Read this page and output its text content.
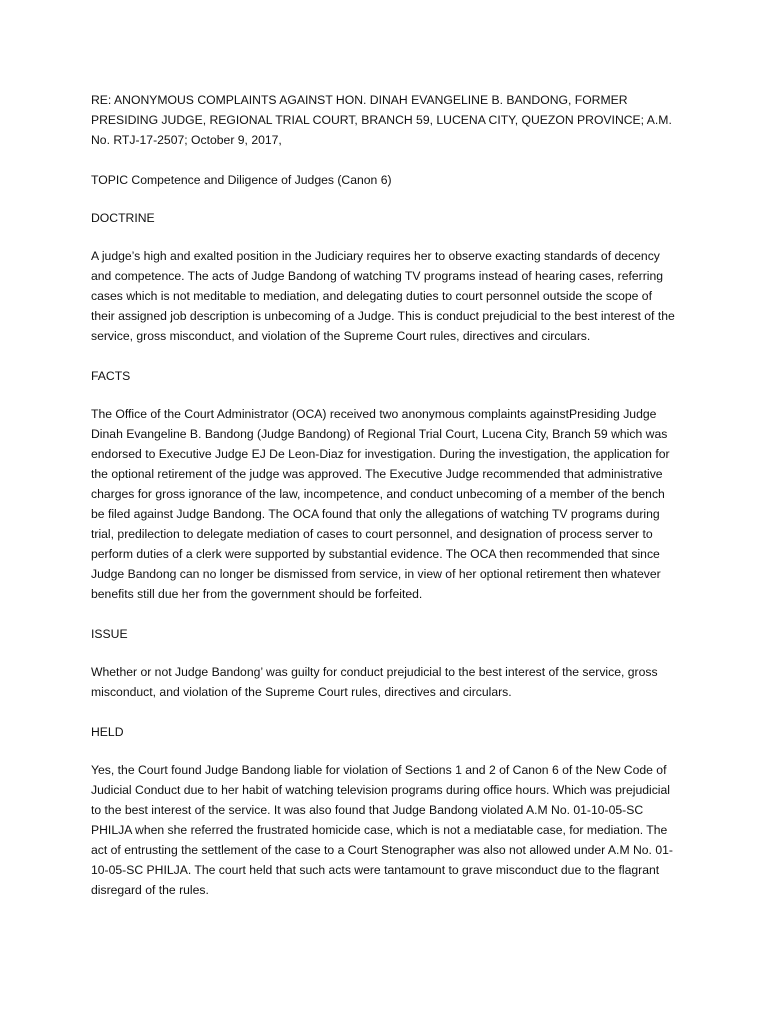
RE: ANONYMOUS COMPLAINTS AGAINST HON. DINAH EVANGELINE B. BANDONG, FORMER PRESIDING JUDGE, REGIONAL TRIAL COURT, BRANCH 59, LUCENA CITY, QUEZON PROVINCE; A.M. No. RTJ-17-2507; October 9, 2017,

TOPIC Competence and Diligence of Judges (Canon 6)

DOCTRINE

A judge’s high and exalted position in the Judiciary requires her to observe exacting standards of decency and competence. The acts of Judge Bandong of watching TV programs instead of hearing cases, referring cases which is not meditable to mediation, and delegating duties to court personnel outside the scope of their assigned job description is unbecoming of a Judge. This is conduct prejudicial to the best interest of the service, gross misconduct, and violation of the Supreme Court rules, directives and circulars.

FACTS

The Office of the Court Administrator (OCA) received two anonymous complaints againstPresiding Judge Dinah Evangeline B. Bandong (Judge Bandong) of Regional Trial Court, Lucena City, Branch 59 which was endorsed to Executive Judge EJ De Leon-Diaz for investigation. During the investigation, the application for the optional retirement of the judge was approved. The Executive Judge recommended that administrative charges for gross ignorance of the law, incompetence, and conduct unbecoming of a member of the bench be filed against Judge Bandong. The OCA found that only the allegations of watching TV programs during trial, predilection to delegate mediation of cases to court personnel, and designation of process server to perform duties of a clerk were supported by substantial evidence. The OCA then recommended that since Judge Bandong can no longer be dismissed from service, in view of her optional retirement then whatever benefits still due her from the government should be forfeited.

ISSUE

Whether or not Judge Bandong’ was guilty for conduct prejudicial to the best interest of the service, gross misconduct, and violation of the Supreme Court rules, directives and circulars.

HELD

Yes, the Court found Judge Bandong liable for violation of Sections 1 and 2 of Canon 6 of the New Code of Judicial Conduct due to her habit of watching television programs during office hours. Which was prejudicial to the best interest of the service. It was also found that Judge Bandong violated A.M No. 01-10-05-SC PHILJA when she referred the frustrated homicide case, which is not a mediatable case, for mediation. The act of entrusting the settlement of the case to a Court Stenographer was also not allowed under A.M No. 01-10-05-SC PHILJA. The court held that such acts were tantamount to grave misconduct due to the flagrant disregard of the rules.
